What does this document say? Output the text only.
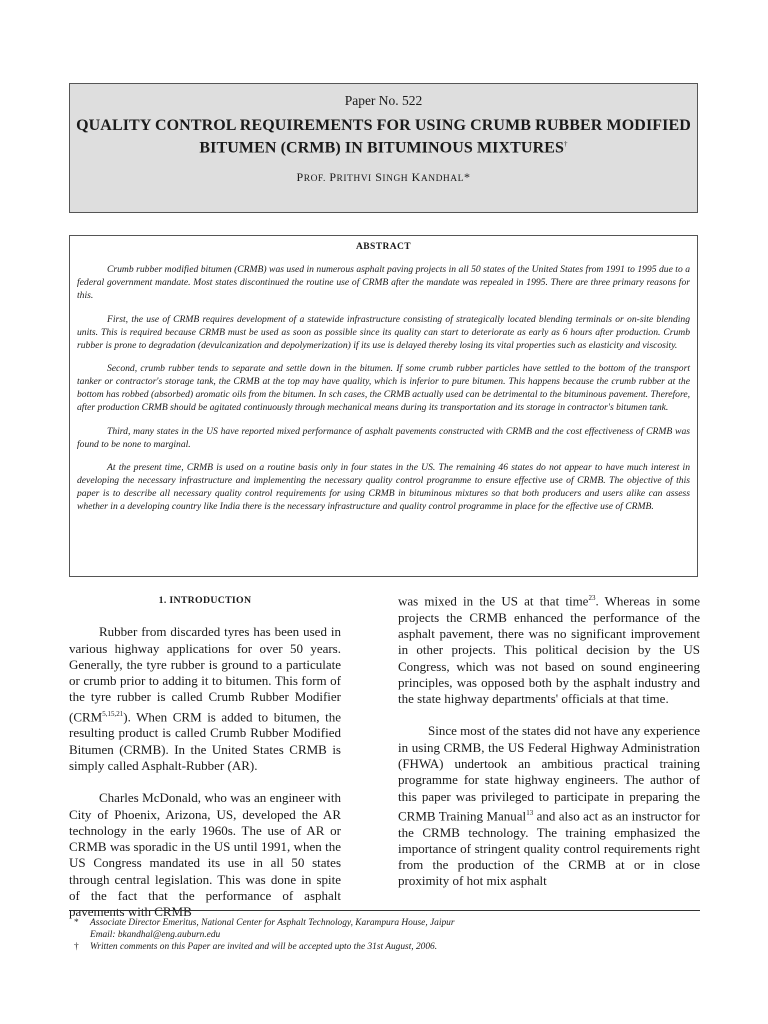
Paper No. 522
QUALITY CONTROL REQUIREMENTS FOR USING CRUMB RUBBER MODIFIED BITUMEN (CRMB) IN BITUMINOUS MIXTURES†
PROF. PRITHVI SINGH KANDHAL*
ABSTRACT

Crumb rubber modified bitumen (CRMB) was used in numerous asphalt paving projects in all 50 states of the United States from 1991 to 1995 due to a federal government mandate. Most states discontinued the routine use of CRMB after the mandate was repealed in 1995. There are three primary reasons for this.

First, the use of CRMB requires development of a statewide infrastructure consisting of strategically located blending terminals or on-site blending units. This is required because CRMB must be used as soon as possible since its quality can start to deteriorate as early as 6 hours after production. Crumb rubber is prone to degradation (devulcanization and depolymerization) if its use is delayed thereby losing its vital properties such as elasticity and viscosity.

Second, crumb rubber tends to separate and settle down in the bitumen. If some crumb rubber particles have settled to the bottom of the transport tanker or contractor's storage tank, the CRMB at the top may have quality, which is inferior to pure bitumen. This happens because the crumb rubber at the bottom has robbed (absorbed) aromatic oils from the bitumen. In sch cases, the CRMB actually used can be detrimental to the bituminous pavement. Therefore, after production CRMB should be agitated continuously through mechanical means during its transportation and its storage in contractor's bitumen tank.

Third, many states in the US have reported mixed performance of asphalt pavements constructed with CRMB and the cost effectiveness of CRMB was found to be none to marginal.

At the present time, CRMB is used on a routine basis only in four states in the US. The remaining 46 states do not appear to have much interest in developing the necessary infrastructure and implementing the necessary quality control programme to ensure effective use of CRMB. The objective of this paper is to describe all necessary quality control requirements for using CRMB in bituminous mixtures so that both producers and users alike can assess whether in a developing country like India there is the necessary infrastructure and quality control programme in place for the effective use of CRMB.

1. INTRODUCTION

Rubber from discarded tyres has been used in various highway applications for over 50 years. Generally, the tyre rubber is ground to a particulate or crumb prior to adding it to bitumen. This form of the tyre rubber is called Crumb Rubber Modifier (CRM$^{5,15,21}$). When CRM is added to bitumen, the resulting product is called Crumb Rubber Modified Bitumen (CRMB). In the United States CRMB is simply called Asphalt-Rubber (AR).

Charles McDonald, who was an engineer with City of Phoenix, Arizona, US, developed the AR technology in the early 1960s. The use of AR or CRMB was sporadic in the US until 1991, when the US Congress mandated its use in all 50 states through central legislation. This was done in spite of the fact that the performance of asphalt pavements with CRMB

was mixed in the US at that time$^{23}$. Whereas in some projects the CRMB enhanced the performance of the asphalt pavement, there was no significant improvement in other projects. This political decision by the US Congress, which was not based on sound engineering principles, was opposed both by the asphalt industry and the state highway departments' officials at that time.

Since most of the states did not have any experience in using CRMB, the US Federal Highway Administration (FHWA) undertook an ambitious practical training programme for state highway engineers. The author of this paper was privileged to participate in preparing the CRMB Training Manual$^{13}$ and also act as an instructor for the CRMB technology. The training emphasized the importance of stringent quality control requirements right from the production of the CRMB at or in close proximity of hot mix asphalt

*	Associate Director Emeritus, National Center for Asphalt Technology, Karampura House, Jaipur
Email: bkandhal@eng.auburn.edu
†	Written comments on this Paper are invited and will be accepted upto the 31st August, 2006.
